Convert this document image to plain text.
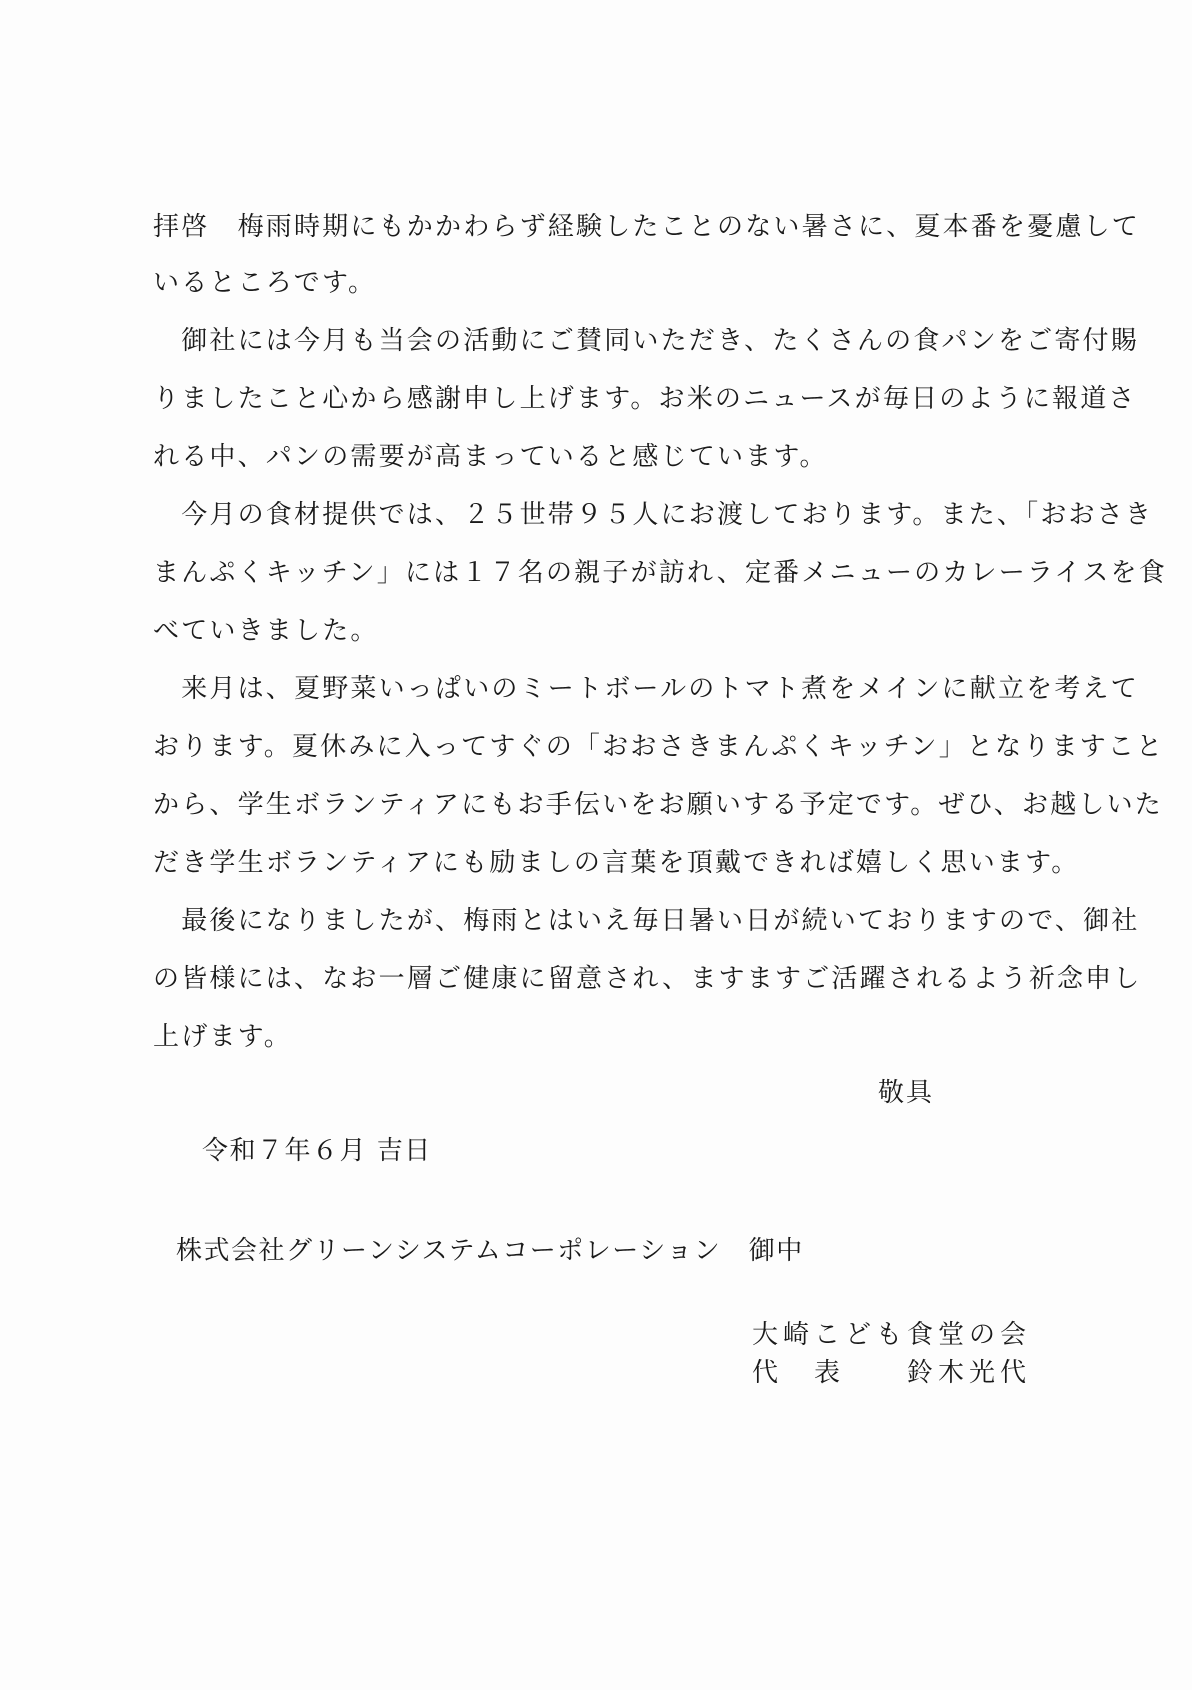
拝啓　梅雨時期にもかかわらず経験したことのない暑さに、夏本番を憂慮して
いるところです。
　御社には今月も当会の活動にご賛同いただき、たくさんの食パンをご寄付賜
りましたこと心から感謝申し上げます。お米のニュースが毎日のように報道さ
れる中、パンの需要が高まっていると感じています。
　今月の食材提供では、２５世帯９５人にお渡しております。また、「おおさき
まんぷくキッチン」には１７名の親子が訪れ、定番メニューのカレーライスを食
べていきました。
　来月は、夏野菜いっぱいのミートボールのトマト煮をメインに献立を考えて
おります。夏休みに入ってすぐの「おおさきまんぷくキッチン」となりますこと
から、学生ボランティアにもお手伝いをお願いする予定です。ぜひ、お越しいた
だき学生ボランティアにも励ましの言葉を頂戴できれば嬉しく思います。
　最後になりましたが、梅雨とはいえ毎日暑い日が続いておりますので、御社
の皆様には、なお一層ご健康に留意され、ますますご活躍されるよう祈念申し
上げます。
敬具
令和７年６月 吉日
株式会社グリーンシステムコーポレーション　御中
大崎こども食堂の会
代　表　　鈴木光代
